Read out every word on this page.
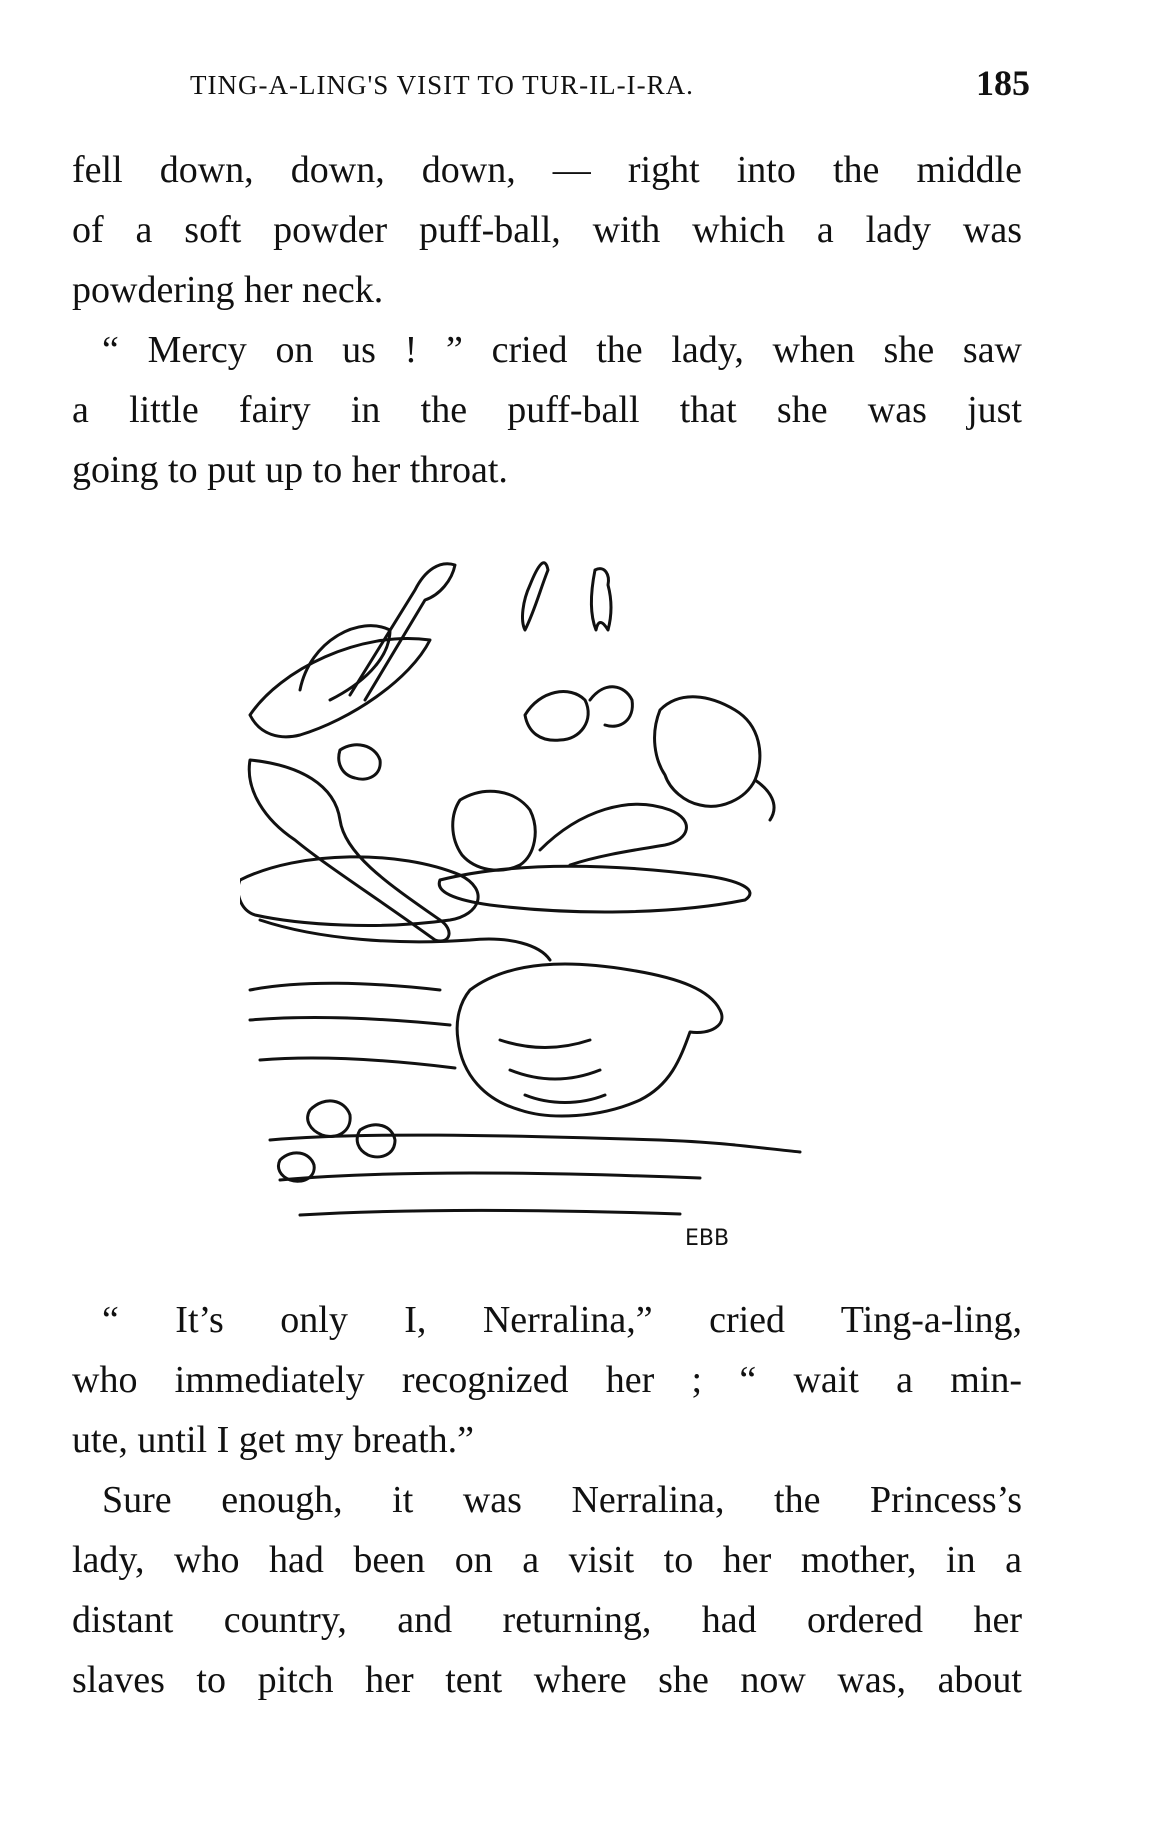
TING-A-LING'S VISIT TO TUR-IL-I-RA.	185

fell down, down, down, — right into the middle
of a soft powder puff-ball, with which a lady was
powdering her neck.

“ Mercy on us ! ” cried the lady, when she saw
a little fairy in the puff-ball that she was just
going to put up to her throat.

EBB

“ It’s only I, Nerralina,” cried Ting-a-ling,
who immediately recognized her ; “ wait a min-
ute, until I get my breath.”

Sure enough, it was Nerralina, the Princess’s
lady, who had been on a visit to her mother, in a
distant country, and returning, had ordered her
slaves to pitch her tent where she now was, about
